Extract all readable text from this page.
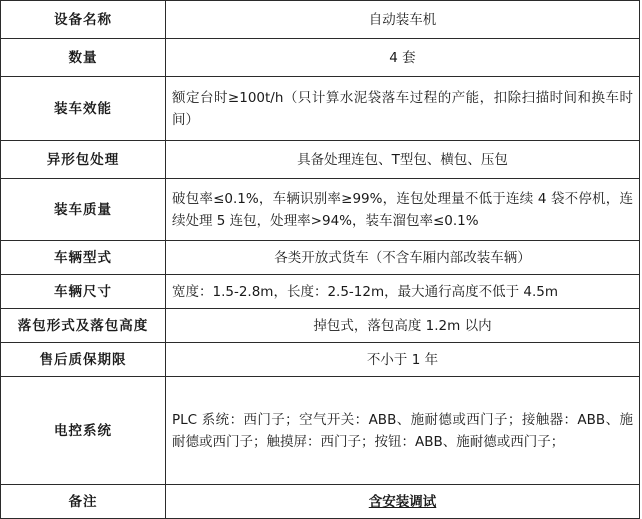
设备名称	自动装车机
数量	4 套
装车效能	额定台时≥100t/h（只计算水泥袋落车过程的产能，扣除扫描时间和换车时间）
异形包处理	具备处理连包、T型包、横包、压包
装车质量	破包率≤0.1%，车辆识别率≥99%，连包处理量不低于连续 4 袋不停机，连续处理 5 连包，处理率>94%，装车溜包率≤0.1%
车辆型式	各类开放式货车（不含车厢内部改装车辆）
车辆尺寸	宽度：1.5-2.8m，长度：2.5-12m，最大通行高度不低于 4.5m
落包形式及落包高度	掉包式，落包高度 1.2m 以内
售后质保期限	不小于 1 年
电控系统	PLC 系统：西门子；空气开关：ABB、施耐德或西门子；接触器：ABB、施耐德或西门子；触摸屏：西门子；按钮：ABB、施耐德或西门子；
备注	含安装调试
